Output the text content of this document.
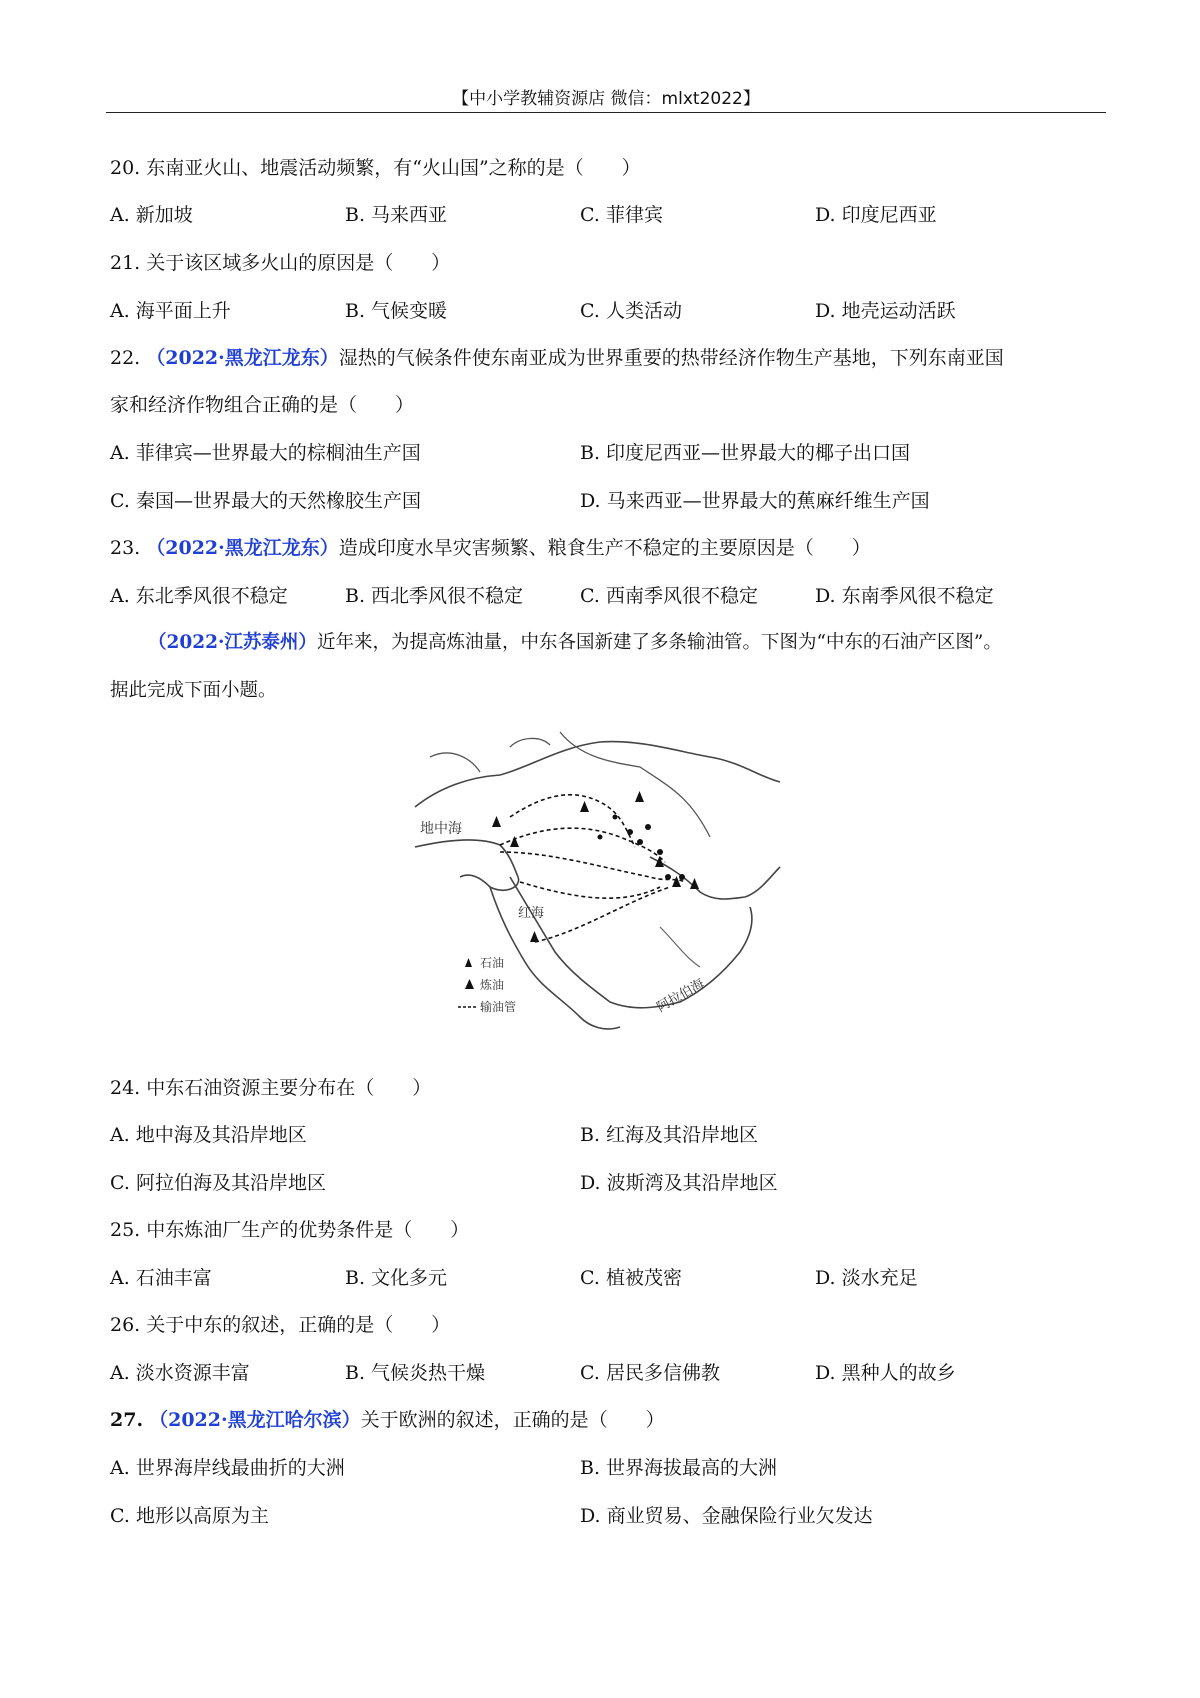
【中小学教辅资源店 微信：mlxt2022】
20. 东南亚火山、地震活动频繁，有“火山国”之称的是（　　）
A. 新加坡	B. 马来西亚	C. 菲律宾	D. 印度尼西亚
21. 关于该区域多火山的原因是（　　）
A. 海平面上升	B. 气候变暖	C. 人类活动	D. 地壳运动活跃
22. （2022·黑龙江龙东）湿热的气候条件使东南亚成为世界重要的热带经济作物生产基地，下列东南亚国
家和经济作物组合正确的是（　　）
A. 菲律宾—世界最大的棕榈油生产国	B. 印度尼西亚—世界最大的椰子出口国
C. 秦国—世界最大的天然橡胶生产国	D. 马来西亚—世界最大的蕉麻纤维生产国
23. （2022·黑龙江龙东）造成印度水旱灾害频繁、粮食生产不稳定的主要原因是（　　）
A. 东北季风很不稳定	B. 西北季风很不稳定	C. 西南季风很不稳定	D. 东南季风很不稳定
（2022·江苏泰州）近年来，为提高炼油量，中东各国新建了多条输油管。下图为“中东的石油产区图”。
据此完成下面小题。
地中海
红海
阿拉伯海
石油
炼油
输油管
24. 中东石油资源主要分布在（　　）
A. 地中海及其沿岸地区	B. 红海及其沿岸地区
C. 阿拉伯海及其沿岸地区	D. 波斯湾及其沿岸地区
25. 中东炼油厂生产的优势条件是（　　）
A. 石油丰富	B. 文化多元	C. 植被茂密	D. 淡水充足
26. 关于中东的叙述，正确的是（　　）
A. 淡水资源丰富	B. 气候炎热干燥	C. 居民多信佛教	D. 黑种人的故乡
27. （2022·黑龙江哈尔滨）关于欧洲的叙述，正确的是（　　）
A. 世界海岸线最曲折的大洲	B. 世界海拔最高的大洲
C. 地形以高原为主	D. 商业贸易、金融保险行业欠发达
